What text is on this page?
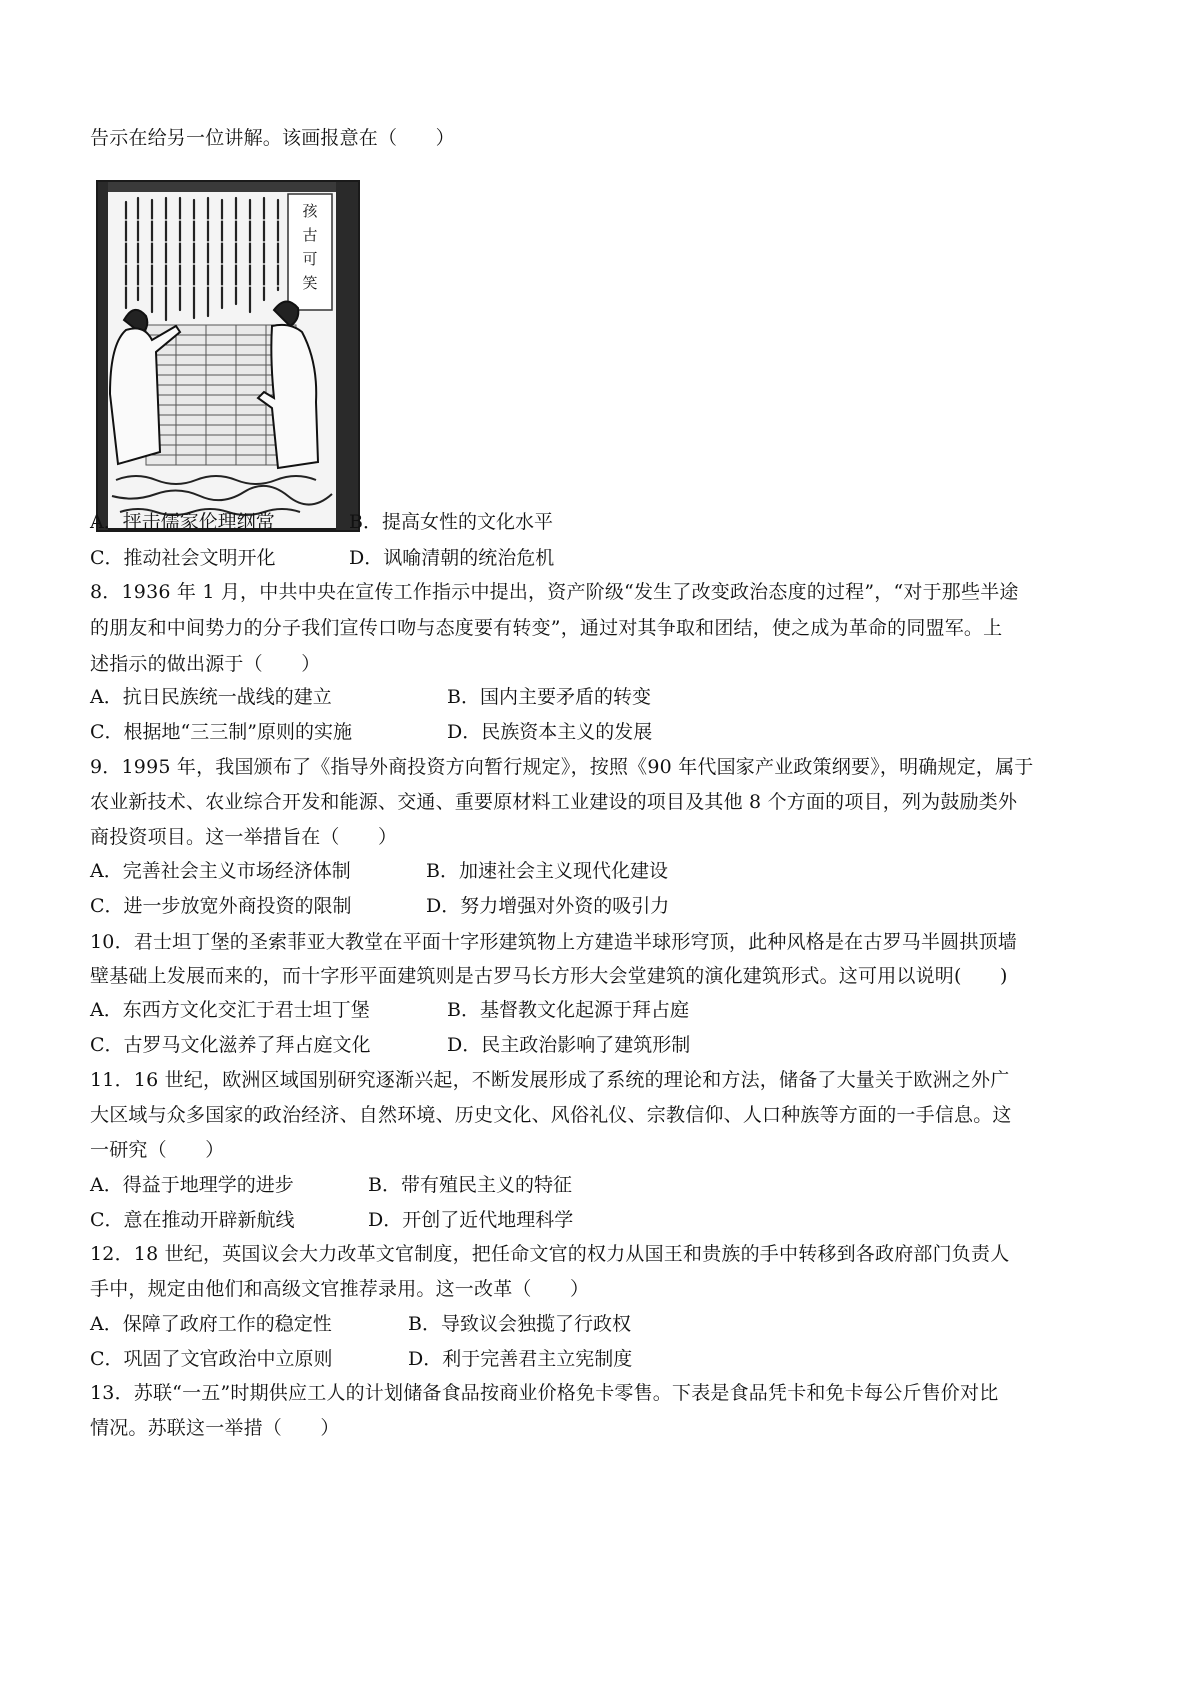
告示在给另一位讲解。该画报意在（　　）
孩
古
可
笑
A．抨击儒家伦理纲常	B．提高女性的文化水平
C．推动社会文明开化	D．讽喻清朝的统治危机
8．1936 年 1 月，中共中央在宣传工作指示中提出，资产阶级“发生了改变政治态度的过程”，“对于那些半途
的朋友和中间势力的分子我们宣传口吻与态度要有转变”，通过对其争取和团结，使之成为革命的同盟军。上
述指示的做出源于（　　）
A．抗日民族统一战线的建立	B．国内主要矛盾的转变
C．根据地“三三制”原则的实施	D．民族资本主义的发展
9．1995 年，我国颁布了《指导外商投资方向暂行规定》，按照《90 年代国家产业政策纲要》，明确规定，属于
农业新技术、农业综合开发和能源、交通、重要原材料工业建设的项目及其他 8 个方面的项目，列为鼓励类外
商投资项目。这一举措旨在（　　）
A．完善社会主义市场经济体制	B．加速社会主义现代化建设
C．进一步放宽外商投资的限制	D．努力增强对外资的吸引力
10．君士坦丁堡的圣索菲亚大教堂在平面十字形建筑物上方建造半球形穹顶，此种风格是在古罗马半圆拱顶墙
壁基础上发展而来的，而十字形平面建筑则是古罗马长方形大会堂建筑的演化建筑形式。这可用以说明(　　)
A．东西方文化交汇于君士坦丁堡	B．基督教文化起源于拜占庭
C．古罗马文化滋养了拜占庭文化	D．民主政治影响了建筑形制
11．16 世纪，欧洲区域国别研究逐渐兴起，不断发展形成了系统的理论和方法，储备了大量关于欧洲之外广
大区域与众多国家的政治经济、自然环境、历史文化、风俗礼仪、宗教信仰、人口种族等方面的一手信息。这
一研究（　　）
A．得益于地理学的进步	B．带有殖民主义的特征
C．意在推动开辟新航线	D．开创了近代地理科学
12．18 世纪，英国议会大力改革文官制度，把任命文官的权力从国王和贵族的手中转移到各政府部门负责人
手中，规定由他们和高级文官推荐录用。这一改革（　　）
A．保障了政府工作的稳定性	B．导致议会独揽了行政权
C．巩固了文官政治中立原则	D．利于完善君主立宪制度
13．苏联“一五”时期供应工人的计划储备食品按商业价格免卡零售。下表是食品凭卡和免卡每公斤售价对比
情况。苏联这一举措（　　）
